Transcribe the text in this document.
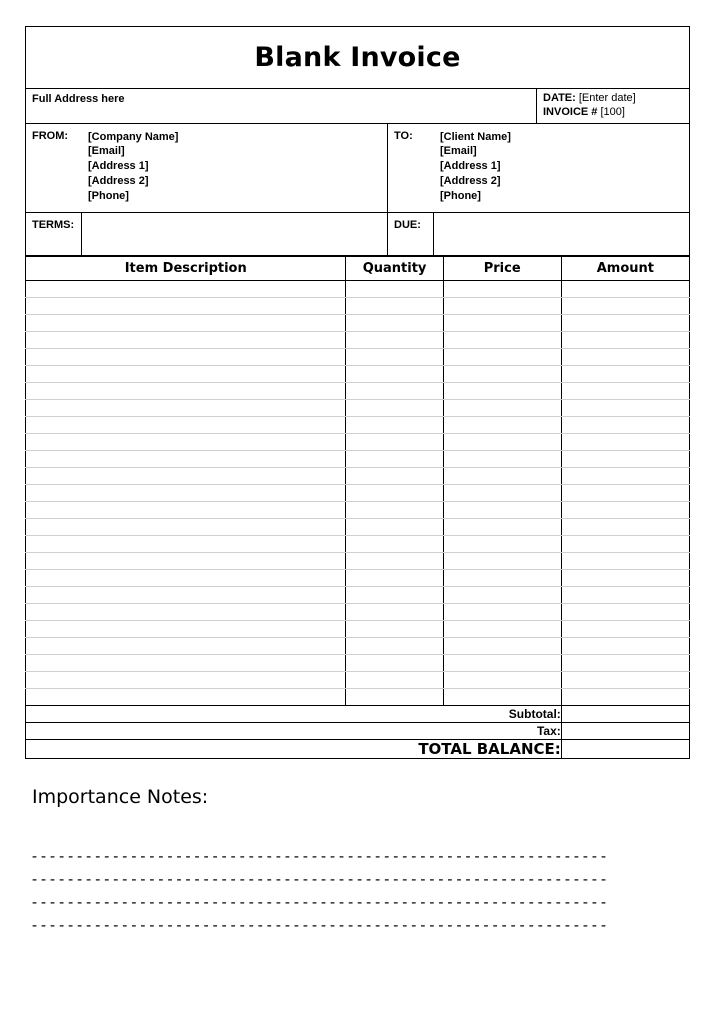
Blank Invoice
Full Address here	DATE: [Enter date]
INVOICE # [100]
FROM:	[Company Name]
[Email]
[Address 1]
[Address 2]
[Phone]
TO:	[Client Name]
[Email]
[Address 1]
[Address 2]
[Phone]
TERMS:	DUE:
Item Description	Quantity	Price	Amount

Subtotal:			
Tax:			
TOTAL BALANCE:			
Importance Notes:
----------------------------------------------------------------
----------------------------------------------------------------
----------------------------------------------------------------
----------------------------------------------------------------
